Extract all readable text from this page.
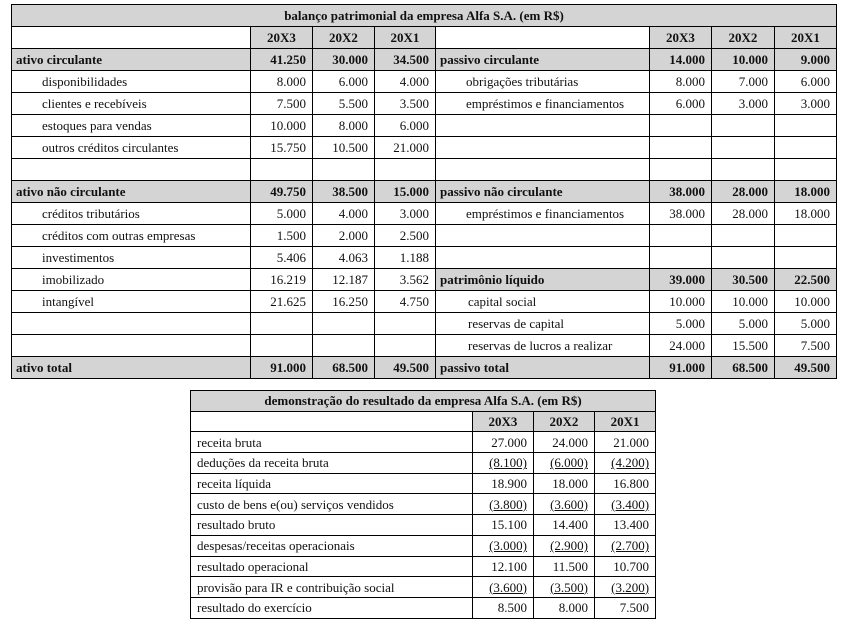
balanço patrimonial da empresa Alfa S.A. (em R$)							
	20X3	20X2	20X1		20X3	20X2	20X1
ativo circulante	41.250	30.000	34.500	passivo circulante	14.000	10.000	9.000
disponibilidades	8.000	6.000	4.000	obrigações tributárias	8.000	7.000	6.000
clientes e recebíveis	7.500	5.500	3.500	empréstimos e financiamentos	6.000	3.000	3.000
estoques para vendas	10.000	8.000	6.000				
outros créditos circulantes	15.750	10.500	21.000				

ativo não circulante	49.750	38.500	15.000	passivo não circulante	38.000	28.000	18.000
créditos tributários	5.000	4.000	3.000	empréstimos e financiamentos	38.000	28.000	18.000
créditos com outras empresas	1.500	2.000	2.500				
investimentos	5.406	4.063	1.188				
imobilizado	16.219	12.187	3.562	patrimônio líquido	39.000	30.500	22.500
intangível	21.625	16.250	4.750	capital social	10.000	10.000	10.000
				reservas de capital	5.000	5.000	5.000
				reservas de lucros a realizar	24.000	15.500	7.500
ativo total	91.000	68.500	49.500	passivo total	91.000	68.500	49.500
demonstração do resultado da empresa Alfa S.A. (em R$)			
	20X3	20X2	20X1
receita bruta	27.000	24.000	21.000
deduções da receita bruta	(8.100)	(6.000)	(4.200)
receita líquida	18.900	18.000	16.800
custo de bens e(ou) serviços vendidos	(3.800)	(3.600)	(3.400)
resultado bruto	15.100	14.400	13.400
despesas/receitas operacionais	(3.000)	(2.900)	(2.700)
resultado operacional	12.100	11.500	10.700
provisão para IR e contribuição social	(3.600)	(3.500)	(3.200)
resultado do exercício	8.500	8.000	7.500
